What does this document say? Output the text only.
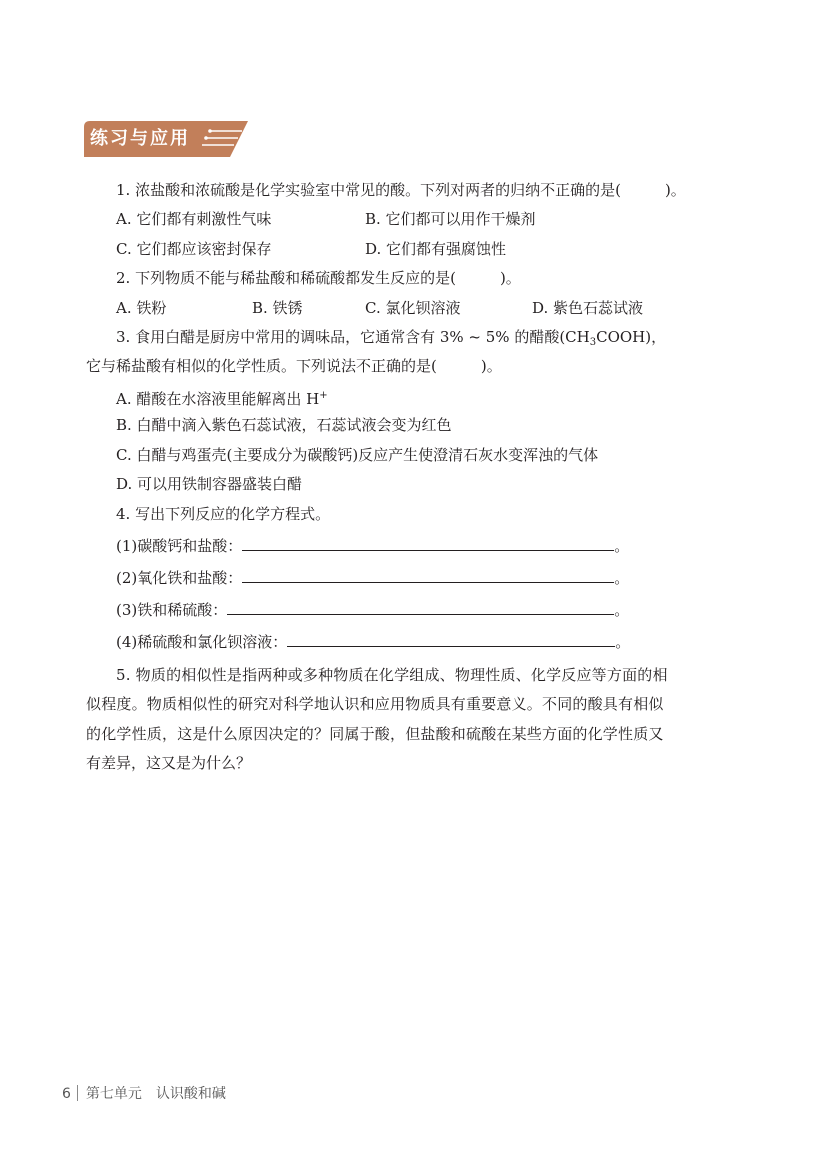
练习与应用
1. 浓盐酸和浓硫酸是化学实验室中常见的酸。下列对两者的归纳不正确的是(	)。
A. 它们都有刺激性气味	B. 它们都可以用作干燥剂
C. 它们都应该密封保存	D. 它们都有强腐蚀性
2. 下列物质不能与稀盐酸和稀硫酸都发生反应的是(	)。
A. 铁粉	B. 铁锈	C. 氯化钡溶液	D. 紫色石蕊试液
3. 食用白醋是厨房中常用的调味品，它通常含有 3% ~ 5% 的醋酸$(CH_3COOH)$，
它与稀盐酸有相似的化学性质。下列说法不正确的是(	)。
A. 醋酸在水溶液里能解离出 H+
B. 白醋中滴入紫色石蕊试液，石蕊试液会变为红色
C. 白醋与鸡蛋壳(主要成分为碳酸钙)反应产生使澄清石灰水变浑浊的气体
D. 可以用铁制容器盛装白醋
4. 写出下列反应的化学方程式。
(1)碳酸钙和盐酸：	。
(2)氧化铁和盐酸：	。
(3)铁和稀硫酸：	。
(4)稀硫酸和氯化钡溶液：	。
5. 物质的相似性是指两种或多种物质在化学组成、物理性质、化学反应等方面的相
似程度。物质相似性的研究对科学地认识和应用物质具有重要意义。不同的酸具有相似
的化学性质，这是什么原因决定的？同属于酸，但盐酸和硫酸在某些方面的化学性质又
有差异，这又是为什么？
6 第七单元 认识酸和碱
